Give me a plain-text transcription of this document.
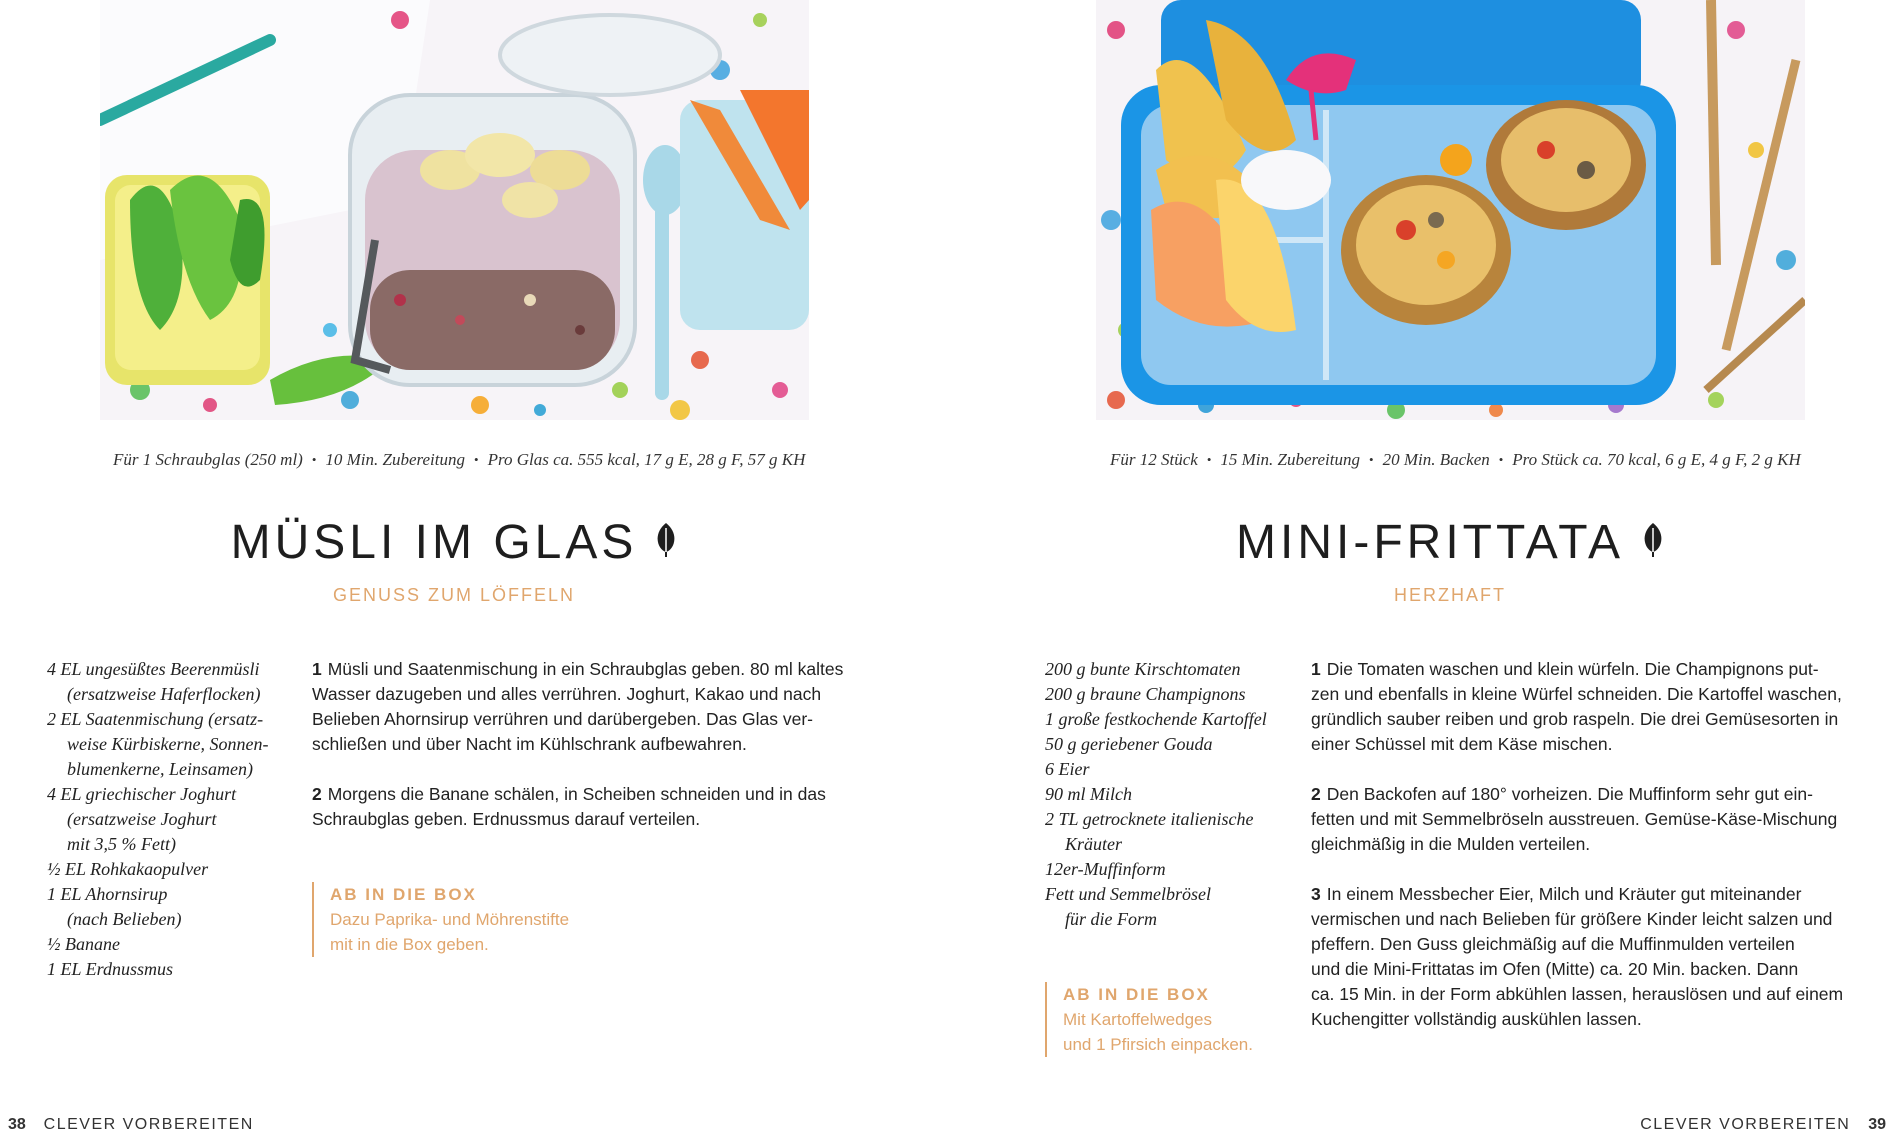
Für 1 Schraubglas (250 ml) • 10 Min. Zubereitung • Pro Glas ca. 555 kcal, 17 g E, 28 g F, 57 g KH
MÜSLI IM GLAS
GENUSS ZUM LÖFFELN
4 EL ungesüßtes Beerenmüsli
(ersatzweise Haferflocken)
2 EL Saatenmischung (ersatz-
weise Kürbiskerne, Sonnen-
blumenkerne, Leinsamen)
4 EL griechischer Joghurt
(ersatzweise Joghurt
mit 3,5 % Fett)
½ EL Rohkakaopulver
1 EL Ahornsirup
(nach Belieben)
½ Banane
1 EL Erdnussmus
1 Müsli und Saatenmischung in ein Schraubglas geben. 80 ml kaltes
Wasser dazugeben und alles verrühren. Joghurt, Kakao und nach
Belieben Ahornsirup verrühren und darübergeben. Das Glas ver-
schließen und über Nacht im Kühlschrank aufbewahren.
2 Morgens die Banane schälen, in Scheiben schneiden und in das
Schraubglas geben. Erdnussmus darauf verteilen.
AB IN DIE BOX
Dazu Paprika- und Möhrenstifte
mit in die Box geben.
38 CLEVER VORBEREITEN
Für 12 Stück • 15 Min. Zubereitung • 20 Min. Backen • Pro Stück ca. 70 kcal, 6 g E, 4 g F, 2 g KH
MINI-FRITTATA
HERZHAFT
200 g bunte Kirschtomaten
200 g braune Champignons
1 große festkochende Kartoffel
50 g geriebener Gouda
6 Eier
90 ml Milch
2 TL getrocknete italienische
Kräuter
12er-Muffinform
Fett und Semmelbrösel
für die Form
1 Die Tomaten waschen und klein würfeln. Die Champignons put-
zen und ebenfalls in kleine Würfel schneiden. Die Kartoffel waschen,
gründlich sauber reiben und grob raspeln. Die drei Gemüsesorten in
einer Schüssel mit dem Käse mischen.
2 Den Backofen auf 180° vorheizen. Die Muffinform sehr gut ein-
fetten und mit Semmelbröseln ausstreuen. Gemüse-Käse-Mischung
gleichmäßig in die Mulden verteilen.
3 In einem Messbecher Eier, Milch und Kräuter gut miteinander
vermischen und nach Belieben für größere Kinder leicht salzen und
pfeffern. Den Guss gleichmäßig auf die Muffinmulden verteilen
und die Mini-Frittatas im Ofen (Mitte) ca. 20 Min. backen. Dann
ca. 15 Min. in der Form abkühlen lassen, herauslösen und auf einem
Kuchengitter vollständig auskühlen lassen.
AB IN DIE BOX
Mit Kartoffelwedges
und 1 Pfirsich einpacken.
CLEVER VORBEREITEN 39
